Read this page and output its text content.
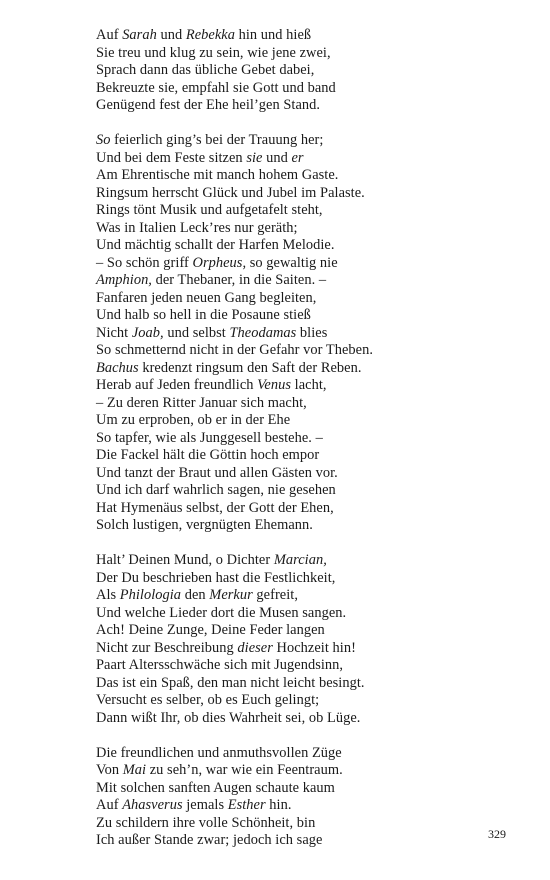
Auf Sarah und Rebekka hin und hieß
Sie treu und klug zu sein, wie jene zwei,
Sprach dann das übliche Gebet dabei,
Bekreuzte sie, empfahl sie Gott und band
Genügend fest der Ehe heil’gen Stand.
So feierlich ging’s bei der Trauung her;
Und bei dem Feste sitzen sie und er
Am Ehrentische mit manch hohem Gaste.
Ringsum herrscht Glück und Jubel im Palaste.
Rings tönt Musik und aufgetafelt steht,
Was in Italien Leck’res nur geräth;
Und mächtig schallt der Harfen Melodie.
– So schön griff Orpheus, so gewaltig nie
Amphion, der Thebaner, in die Saiten. –
Fanfaren jeden neuen Gang begleiten,
Und halb so hell in die Posaune stieß
Nicht Joab, und selbst Theodamas blies
So schmetternd nicht in der Gefahr vor Theben.
Bachus kredenzt ringsum den Saft der Reben.
Herab auf Jeden freundlich Venus lacht,
– Zu deren Ritter Januar sich macht,
Um zu erproben, ob er in der Ehe
So tapfer, wie als Junggesell bestehe. –
Die Fackel hält die Göttin hoch empor
Und tanzt der Braut und allen Gästen vor.
Und ich darf wahrlich sagen, nie gesehen
Hat Hymenäus selbst, der Gott der Ehen,
Solch lustigen, vergnügten Ehemann.
Halt’ Deinen Mund, o Dichter Marcian,
Der Du beschrieben hast die Festlichkeit,
Als Philologia den Merkur gefreit,
Und welche Lieder dort die Musen sangen.
Ach! Deine Zunge, Deine Feder langen
Nicht zur Beschreibung dieser Hochzeit hin!
Paart Altersschwäche sich mit Jugendsinn,
Das ist ein Spaß, den man nicht leicht besingt.
Versucht es selber, ob es Euch gelingt;
Dann wißt Ihr, ob dies Wahrheit sei, ob Lüge.
Die freundlichen und anmuthsvollen Züge
Von Mai zu seh’n, war wie ein Feentraum.
Mit solchen sanften Augen schaute kaum
Auf Ahasverus jemals Esther hin.
Zu schildern ihre volle Schönheit, bin
Ich außer Stande zwar; jedoch ich sage	329
